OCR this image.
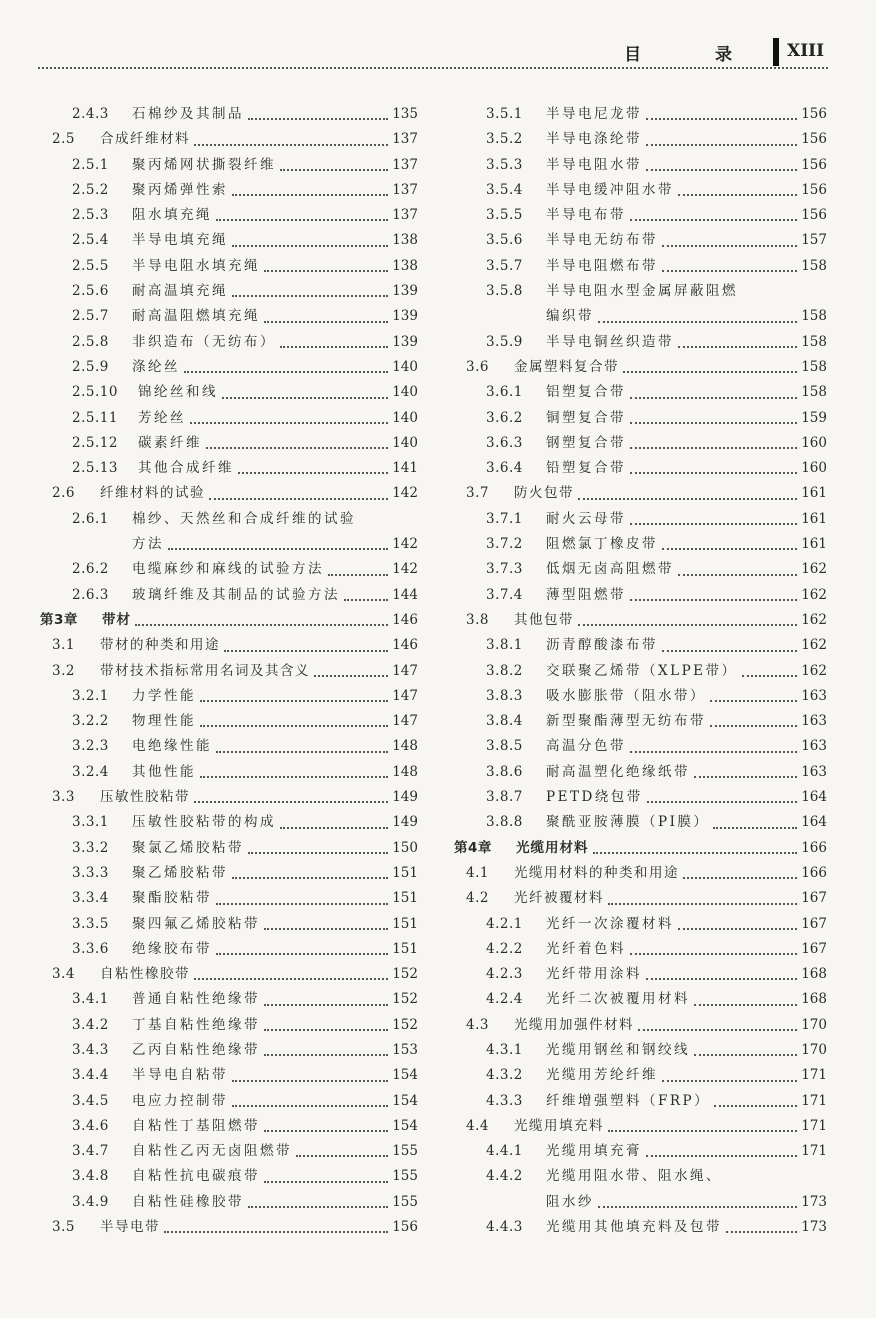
目 录 XIII
2.4.3	石棉纱及其制品	135
2.5	合成纤维材料	137
2.5.1	聚丙烯网状撕裂纤维	137
2.5.2	聚丙烯弹性索	137
2.5.3	阻水填充绳	137
2.5.4	半导电填充绳	138
2.5.5	半导电阻水填充绳	138
2.5.6	耐高温填充绳	139
2.5.7	耐高温阻燃填充绳	139
2.5.8	非织造布（无纺布）	139
2.5.9	涤纶丝	140
2.5.10	锦纶丝和线	140
2.5.11	芳纶丝	140
2.5.12	碳素纤维	140
2.5.13	其他合成纤维	141
2.6	纤维材料的试验	142
2.6.1	棉纱、天然丝和合成纤维的试验
方法	142
2.6.2	电缆麻纱和麻线的试验方法	142
2.6.3	玻璃纤维及其制品的试验方法	144
第3章	带材	146
3.1	带材的种类和用途	146
3.2	带材技术指标常用名词及其含义	147
3.2.1	力学性能	147
3.2.2	物理性能	147
3.2.3	电绝缘性能	148
3.2.4	其他性能	148
3.3	压敏性胶粘带	149
3.3.1	压敏性胶粘带的构成	149
3.3.2	聚氯乙烯胶粘带	150
3.3.3	聚乙烯胶粘带	151
3.3.4	聚酯胶粘带	151
3.3.5	聚四氟乙烯胶粘带	151
3.3.6	绝缘胶布带	151
3.4	自粘性橡胶带	152
3.4.1	普通自粘性绝缘带	152
3.4.2	丁基自粘性绝缘带	152
3.4.3	乙丙自粘性绝缘带	153
3.4.4	半导电自粘带	154
3.4.5	电应力控制带	154
3.4.6	自粘性丁基阻燃带	154
3.4.7	自粘性乙丙无卤阻燃带	155
3.4.8	自粘性抗电碳痕带	155
3.4.9	自粘性硅橡胶带	155
3.5	半导电带	156
3.5.1	半导电尼龙带	156
3.5.2	半导电涤纶带	156
3.5.3	半导电阻水带	156
3.5.4	半导电缓冲阻水带	156
3.5.5	半导电布带	156
3.5.6	半导电无纺布带	157
3.5.7	半导电阻燃布带	158
3.5.8	半导电阻水型金属屏蔽阻燃
编织带	158
3.5.9	半导电铜丝织造带	158
3.6	金属塑料复合带	158
3.6.1	铝塑复合带	158
3.6.2	铜塑复合带	159
3.6.3	钢塑复合带	160
3.6.4	铅塑复合带	160
3.7	防火包带	161
3.7.1	耐火云母带	161
3.7.2	阻燃氯丁橡皮带	161
3.7.3	低烟无卤高阻燃带	162
3.7.4	薄型阻燃带	162
3.8	其他包带	162
3.8.1	沥青醇酸漆布带	162
3.8.2	交联聚乙烯带（XLPE带）	162
3.8.3	吸水膨胀带（阻水带）	163
3.8.4	新型聚酯薄型无纺布带	163
3.8.5	高温分色带	163
3.8.6	耐高温塑化绝缘纸带	163
3.8.7	PETD绕包带	164
3.8.8	聚酰亚胺薄膜（PI膜）	164
第4章	光缆用材料	166
4.1	光缆用材料的种类和用途	166
4.2	光纤被覆材料	167
4.2.1	光纤一次涂覆材料	167
4.2.2	光纤着色料	167
4.2.3	光纤带用涂料	168
4.2.4	光纤二次被覆用材料	168
4.3	光缆用加强件材料	170
4.3.1	光缆用钢丝和钢绞线	170
4.3.2	光缆用芳纶纤维	171
4.3.3	纤维增强塑料（FRP）	171
4.4	光缆用填充料	171
4.4.1	光缆用填充膏	171
4.4.2	光缆用阻水带、阻水绳、
阻水纱	173
4.4.3	光缆用其他填充料及包带	173
